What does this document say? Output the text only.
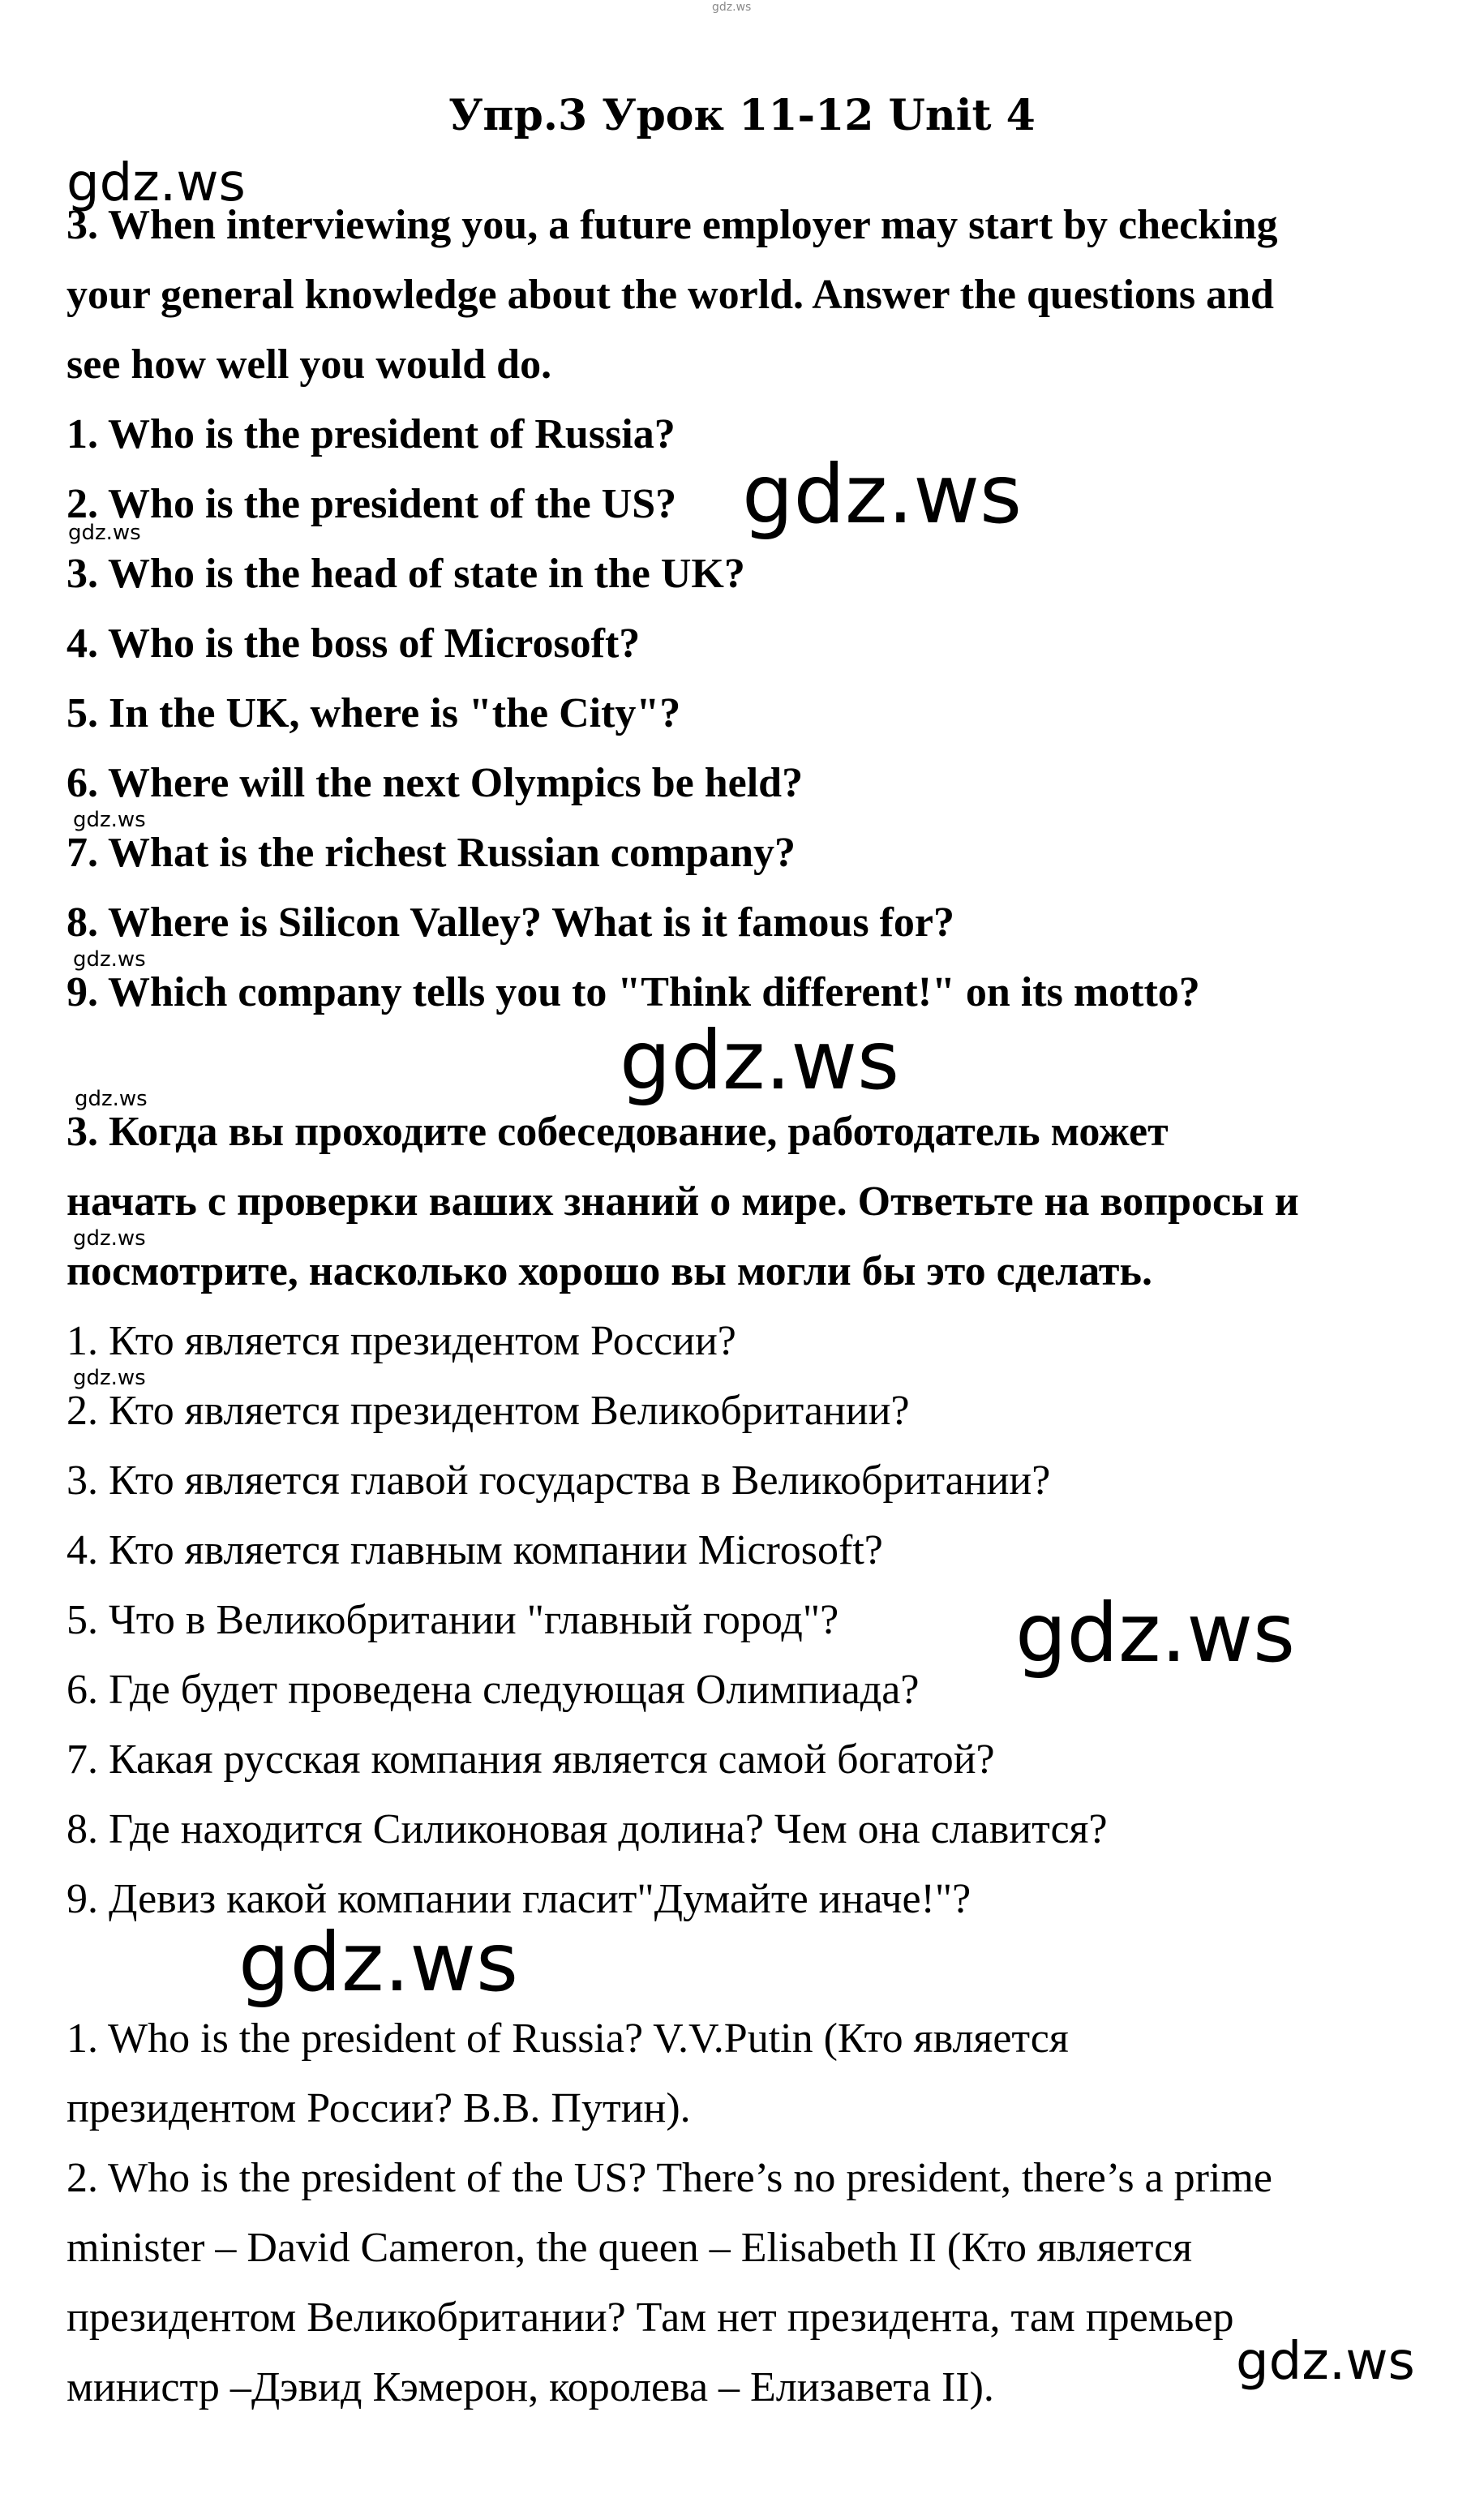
Упр.3 Урок 11-12 Unit 4
3. When interviewing you, a future employer may start by checking
your general knowledge about the world. Answer the questions and
see how well you would do.
1. Who is the president of Russia?
2. Who is the president of the US?
3. Who is the head of state in the UK?
4. Who is the boss of Microsoft?
5. In the UK, where is "the City"?
6. Where will the next Olympics be held?
7. What is the richest Russian company?
8. Where is Silicon Valley? What is it famous for?
9. Which company tells you to "Think different!" on its motto?
3. Когда вы проходите собеседование, работодатель может
начать с проверки ваших знаний о мире. Ответьте на вопросы и
посмотрите, насколько хорошо вы могли бы это сделать.
1. Кто является президентом России?
2. Кто является президентом Великобритании?
3. Кто является главой государства в Великобритании?
4. Кто является главным компании Microsoft?
5. Что в Великобритании "главный город"?
6. Где будет проведена следующая Олимпиада?
7. Какая русская компания является самой богатой?
8. Где находится Силиконовая долина? Чем она славится?
9. Девиз какой компании гласит"Думайте иначе!"?
1. Who is the president of Russia? V.V.Putin (Кто является
президентом России? В.В. Путин).
2. Who is the president of the US? There’s no president, there’s a prime
minister – David Cameron, the queen – Elisabeth II (Кто является
президентом Великобритании? Там нет президента, там премьер
министр –Дэвид Кэмерон, королева – Елизавета II).
gdz.ws
gdz.ws
gdz.ws
gdz.ws
gdz.ws
gdz.ws
gdz.ws
gdz.ws
gdz.ws
gdz.ws
gdz.ws
gdz.ws
gdz.ws
